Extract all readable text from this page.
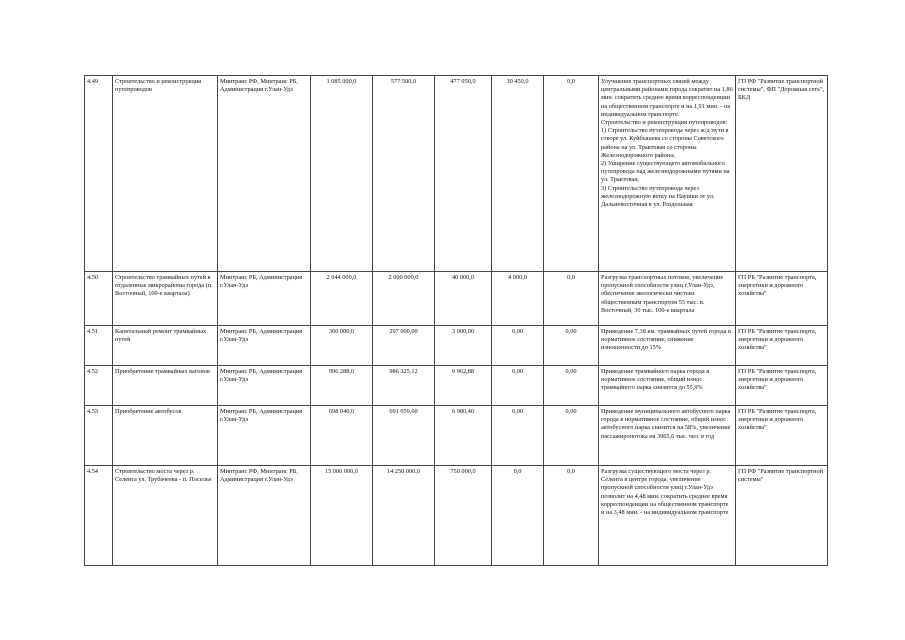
4.49	Строительство и реконструкция путепроводов	Минтранс РФ, Минтранс РБ, Администрация г.Улан-Удэ	1 085 000,0	577 500,0	477 050,0	30 450,0	0,0	Улучшение транспортных связей между центральными районами города сократит на 1,86 мин. сократить среднее время корреспонденции на общественном транспорте и на 1,91 мин. - на индивидуальном транспорте.
Строительство и реконструкция путепроводов:
1) Строительство путепровода через ж/д пути в створе ул. Куйбышева со стороны Советского района на ул. Трактовая со стороны Железнодорожного района;
2) Уширение существующего автомобильного путепровода над железнодорожными путями на ул. Трактовая;
3) Строительство путепровода через железнодорожную ветку на Наушки от ул. Дальневосточная к ул. Раздольная	ГП РФ "Развитие транспортной системы", ФП "Дорожная сеть", БКД
4.50	Строительство трамвайных путей в отдаленные микрорайоны города (п. Восточный, 100-е квартала)	Минтранс РБ, Администрация г.Улан-Удэ	2 044 000,0	2 000 000,0	40 000,0	4 000,0	0,0	Разгрузка транспортных потоков, увеличение пропускной способности улиц г.Улан-Удэ, обеспечение экологически чистым общественным транспортом 55 тыс. п. Восточный, 30 тыс. 100-е квартала	ГП РБ "Развитие транспорта, энергетики и дорожного хозяйства"
4.51	Капитальный ремонт трамвайных путей	Минтранс РБ, Администрация г.Улан-Удэ	300 000,0	297 000,00	3 000,00	0,00	0,00	Приведение 7,38 км. трамвайных путей города в нормативное состояние, снижение изношенности до 15%	ГП РБ "Развитие транспорта, энергетики и дорожного хозяйства"
4.52	Приобретение трамвайных вагонов	Минтранс РБ, Администрация г.Улан-Удэ	996 288,0	986 325,12	9 962,88	0,00	0,00	Приведение трамвайного парка города в нормативное состояние, общий износ трамвайного парка снизится до 55,9%	ГП РБ "Развитие транспорта, энергетики и дорожного хозяйства"
4.53	Приобретение автобусов	Минтранс РБ, Администрация г.Улан-Удэ	698 040,0	691 059,60	6 980,40	0,00	0,00	Приведение муниципального автобусного парка города в нормативное состояние, общий износ автобусного парка снизится на 58%, увеличение пассажиропотока на 3965,6 тыс. чел. в год	ГП РБ "Развитие транспорта, энергетики и дорожного хозяйства"
4.54	Строительство моста через р. Селенга ул. Трубачеева - п. Поселье	Минтранс РФ, Минтранс РБ, Администрация г.Улан-Удэ	15 000 000,0	14 250 000,0	750 000,0	0,0	0,0	Разгрузка существующего моста через р. Селенга в центре города, увеличение пропускной способности улиц г.Улан-Удэ позволит на 4,48 мин. сократить среднее время корреспонденции на общественном транспорте и на 3,48 мин. - на индивидуальном транспорте	ГП РФ "Развитие транспортной системы"
